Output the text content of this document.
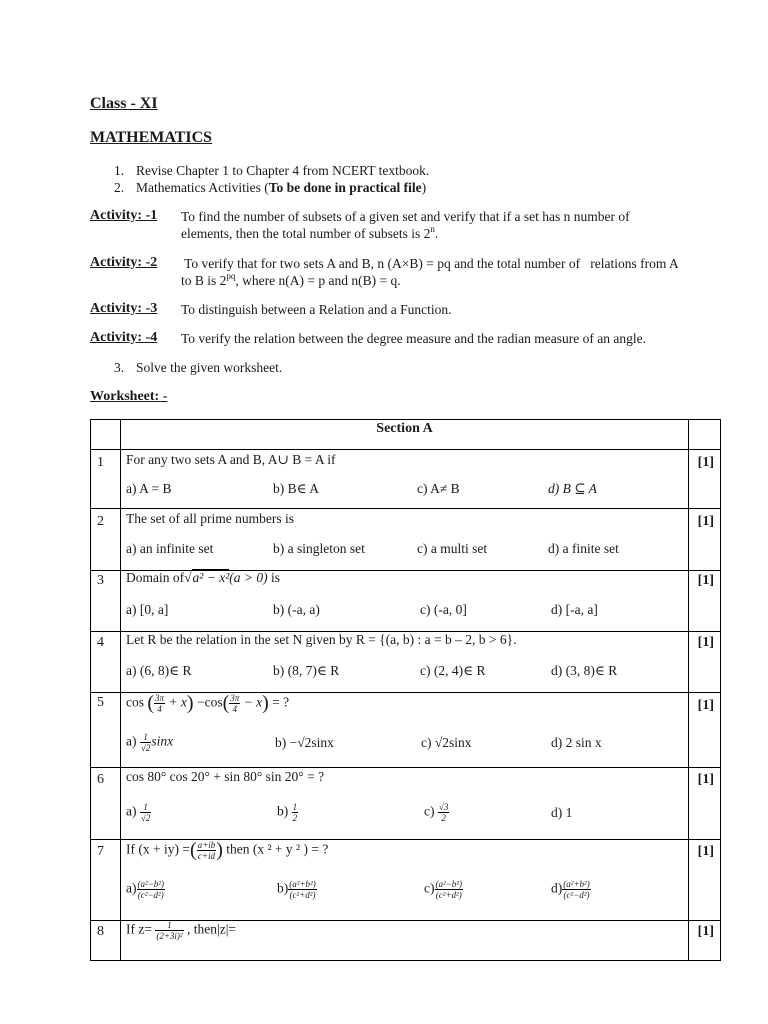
Class - XI
MATHEMATICS
1. Revise Chapter 1 to Chapter 4 from NCERT textbook.
2. Mathematics Activities (To be done in practical file)
Activity: -1 To find the number of subsets of a given set and verify that if a set has n number of
elements, then the total number of subsets is 2$^n$.
Activity: -2 To verify that for two sets A and B, n (A×B) = pq and the total number of   relations from A
to B is $2^{pq}$, where n(A) = p and n(B) = q.
Activity: -3 To distinguish between a Relation and a Function.
Activity: -4 To verify the relation between the degree measure and the radian measure of an angle.
3. Solve the given worksheet.
Worksheet: -
Section A
1 For any two sets A and B, A∪ B = A if	[1]
a) A = B	b) B∈ A	c) A≠ B	d) B ⊆ A
2 The set of all prime numbers is	[1]
a) an infinite set	b) a singleton set	c) a multi set	d) a finite set
3 Domain of√a² − x²(a > 0) is	[1]
a) [0, a]	b) (-a, a)	c) (-a, 0]	d) [-a, a]
4 Let R be the relation in the set N given by R = {(a, b) : a = b – 2, b > 6}.	[1]
a) (6, 8)∈ R	b) (8, 7)∈ R	c) (2, 4)∈ R	d) (3, 8)∈ R
5 cos ( $\frac{3\pi}{4} + x) -\cos( \frac{3\pi}{4} - x)$ = ?	[1]
$a) \frac{1}{√2}$ sinx	b) −√2sinx	c) √2sinx	d) 2 sin x
6 cos 80° cos 20° + sin 80° sin 20° = ?	[1]
$a) \frac{1}{√2}$	$b) \frac{1}{2}$	$c) \frac{√3}{2}$	d) 1
7 If (x + iy) =( $\frac{a+ib}{c+id}$ ) then (x ² + y ² ) = ?	[1]
$a) \frac{\text{(a²−b²)}}{\text{(c²−d²)}}$	$b) \frac{\text{(a²+b²)}}{\text{(c²+d²)}}$	$c) \frac{\text{(a²−b²)}}{\text{(c²+d²)}}$	$d) \frac{\text{(a²+b²)}}{\text{(c²−d²)}}$
8 If $z= \frac{1}{\text{(2+3i)²}}$ , then|z|=	[1]
